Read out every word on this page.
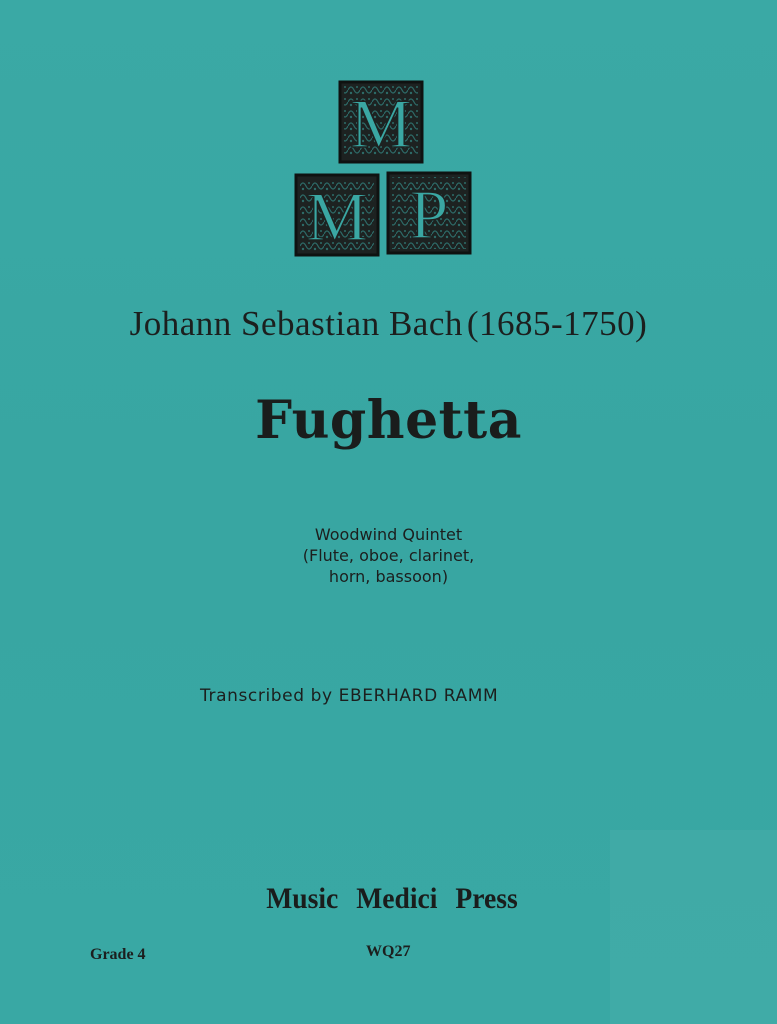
M
M P
Johann Sebastian Bach (1685-1750)
Fughetta
Woodwind Quintet
(Flute, oboe, clarinet,
horn, bassoon)
Transcribed by EBERHARD RAMM
Music Medici Press
Grade 4	WQ27
